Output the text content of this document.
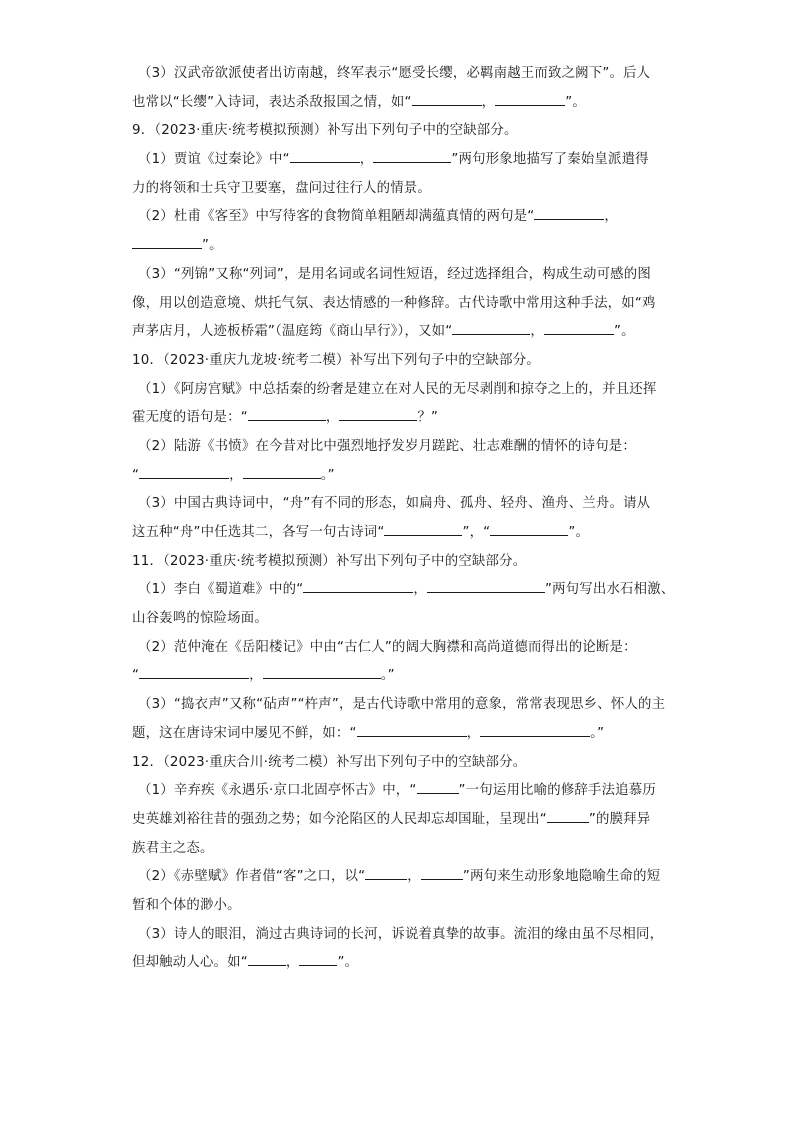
（3）汉武帝欲派使者出访南越，终军表示“愿受长缨，必羁南越王而致之阙下”。后人
也常以“长缨”入诗词，表达杀敌报国之情，如“	，	”。
9．（2023·重庆·统考模拟预测）补写出下列句子中的空缺部分。
（1）贾谊《过秦论》中“	，	”两句形象地描写了秦始皇派遣得
力的将领和士兵守卫要塞，盘问过往行人的情景。
（2）杜甫《客至》中写待客的食物简单粗陋却满蕴真情的两句是“	，
”。
（3）“列锦”又称“列词”，是用名词或名词性短语，经过选择组合，构成生动可感的图
像，用以创造意境、烘托气氛、表达情感的一种修辞。古代诗歌中常用这种手法，如“鸡
声茅店月，人迹板桥霜”（温庭筠《商山早行》），又如“	，	”。
10．（2023·重庆九龙坡·统考二模）补写出下列句子中的空缺部分。
（1）《阿房宫赋》中总括秦的纷奢是建立在对人民的无尽剥削和掠夺之上的，并且还挥
霍无度的语句是：“	，	？”
（2）陆游《书愤》在今昔对比中强烈地抒发岁月蹉跎、壮志难酬的情怀的诗句是：
“	，	。”
（3）中国古典诗词中，“舟”有不同的形态，如扁舟、孤舟、轻舟、渔舟、兰舟。请从
这五种“舟”中任选其二，各写一句古诗词“	”，“	”。
11．（2023·重庆·统考模拟预测）补写出下列句子中的空缺部分。
（1）李白《蜀道难》中的“	，	”两句写出水石相激、
山谷轰鸣的惊险场面。
（2）范仲淹在《岳阳楼记》中由“古仁人”的阔大胸襟和高尚道德而得出的论断是：
“	，	。”
（3）“捣衣声”又称“砧声”“杵声”，是古代诗歌中常用的意象，常常表现思乡、怀人的主
题，这在唐诗宋词中屡见不鲜，如：“	，	。”
12．（2023·重庆合川·统考二模）补写出下列句子中的空缺部分。
（1）辛弃疾《永遇乐·京口北固亭怀古》中，“	”一句运用比喻的修辞手法追慕历
史英雄刘裕往昔的强劲之势；如今沦陷区的人民却忘却国耻，呈现出“	”的膜拜异
族君主之态。
（2）《赤壁赋》作者借“客”之口，以“	，	”两句来生动形象地隐喻生命的短
暂和个体的渺小。
（3）诗人的眼泪，淌过古典诗词的长河，诉说着真挚的故事。流泪的缘由虽不尽相同，
但却触动人心。如“	，	”。
